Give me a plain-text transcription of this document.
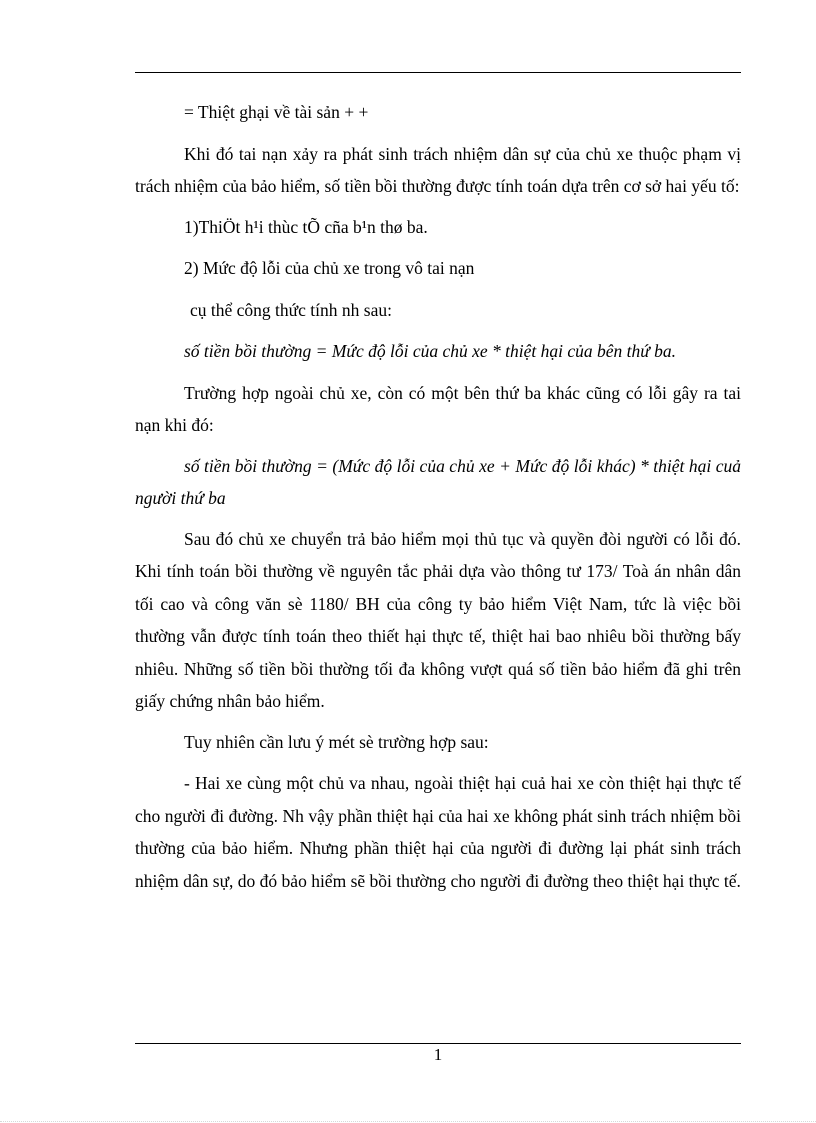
= Thiệt ghại về tài sản + +

Khi đó tai nạn xảy ra phát sinh trách nhiệm dân sự của chủ xe thuộc phạm vị trách nhiệm của bảo hiểm, số tiền bồi thường được tính toán dựa trên cơ sở hai yếu tố:

1)ThiÖt h¹i thùc tÕ cña b¹n thø ba.

2) Mức độ lỗi của chủ xe trong vô tai nạn

cụ thể công thức tính nh sau:

số tiền bồi thường = Mức độ lỗi của chủ xe * thiệt hại của bên thứ ba.

Trường hợp ngoài chủ xe, còn có một bên thứ ba khác cũng có lỗi gây ra tai nạn khi đó:

số tiền bồi thường = (Mức độ lỗi của chủ xe + Mức độ lỗi khác) * thiệt hại cuả người thứ ba

Sau đó chủ xe chuyển trả bảo hiểm mọi thủ tục và quyền đòi người có lỗi đó. Khi tính toán bồi thường về nguyên tắc phải dựa vào thông tư 173/ Toà án nhân dân tối cao và công văn sè 1180/ BH của công ty bảo hiểm Việt Nam, tức là việc bồi thường vẫn được tính toán theo thiết hại thực tế, thiệt hai bao nhiêu bồi thường bấy nhiêu. Những số tiền bồi thường tối đa không vượt quá số tiền bảo hiểm đã ghi trên giấy chứng nhân bảo hiểm.

Tuy nhiên cần lưu ý mét sè trường hợp sau:

- Hai xe cùng một chủ va nhau, ngoài thiệt hại cuả hai xe còn thiệt hại thực tế cho người đi đường. Nh vậy phần thiệt hại của hai xe không phát sinh trách nhiệm bồi thường của bảo hiểm. Nhưng phần thiệt hại của người đi đường lại phát sinh trách nhiệm dân sự, do đó bảo hiểm sẽ bồi thường cho người đi đường theo thiệt hại thực tế.

1
